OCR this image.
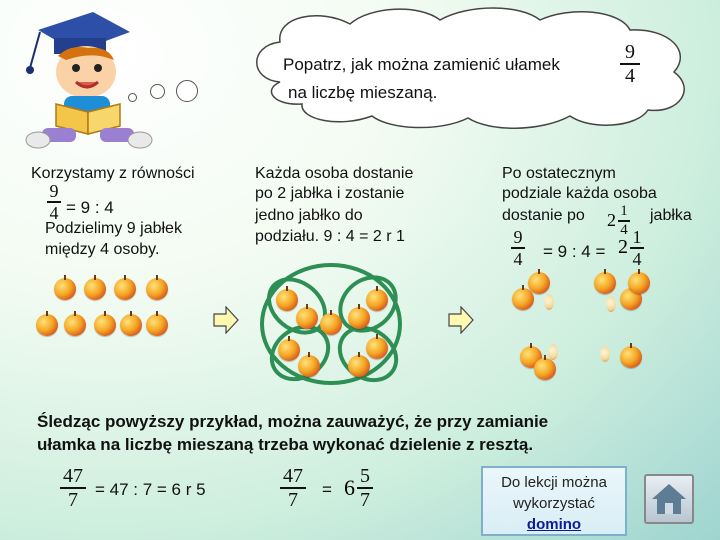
Popatrz, jak można zamienić ułamek
na liczbę mieszaną.
9
4
Korzystamy z równości
9
4 = 9 : 4
Podzielimy 9 jabłek
między 4 osoby.
Każda osoba dostanie
po 2 jabłka i zostanie
jedno jabłko do
podziału. 9 : 4 = 2 r 1
Po ostatecznym
podziale każda osoba
dostanie po $2 \frac{1}{4}$ jabłka
9
4 = 9 : $4 = 2 \frac{1}{4}$
Śledząc powyższy przykład, można zauważyć, że przy zamianie
ułamka na liczbę mieszaną trzeba wykonać dzielenie z resztą.
47
7 = 47 : 7 = 6 r 5
47
$7 = 6 \frac{5}{7}$	Do lekcji można
wykorzystać
domino
